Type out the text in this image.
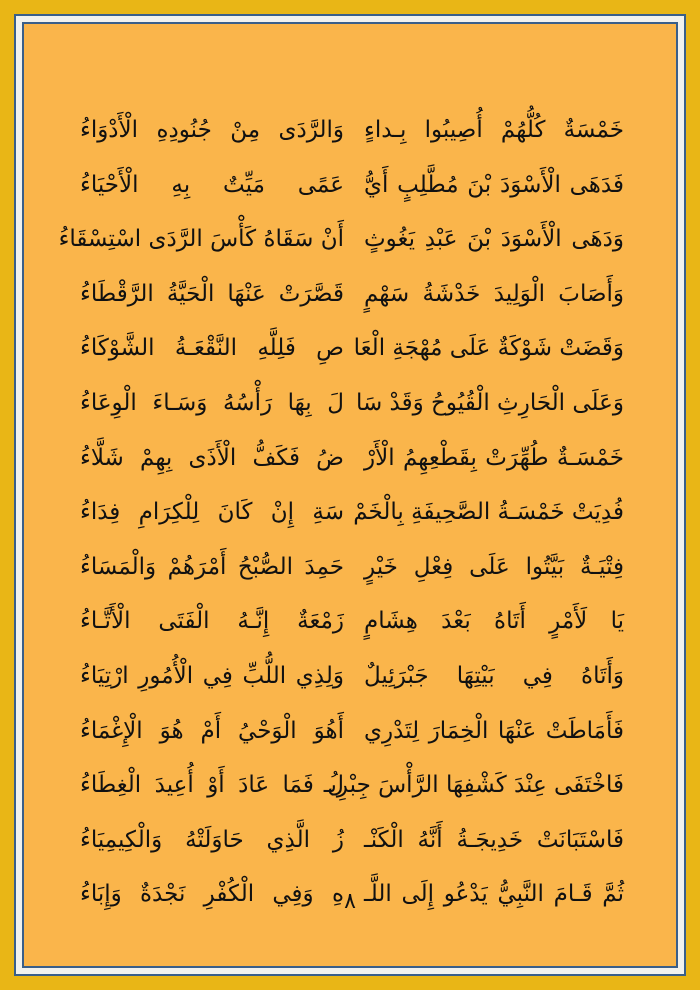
خَمْسَةٌ كُلُّهُمْ أُصِيبُوا بِـداءٍ
وَالرَّدَى مِنْ جُنُودِهِ الْأَدْوَاءُ
فَدَهَى الْأَسْوَدَ بْنَ مُطَّلِبٍ أَيُّ
عَمًى مَيِّتٌ بِهِ الْأَحْيَاءُ
وَدَهَى الْأَسْوَدَ بْنَ عَبْدِ يَغُوثٍ
أَنْ سَقَاهُ كَأْسَ الرَّدَى اسْتِسْقَاءُ
وَأَصَابَ الْوَلِيدَ خَدْشَةُ سَهْمٍ
قَصَّرَتْ عَنْهَا الْحَيَّةُ الرَّقْطَاءُ
وَقَضَتْ شَوْكَةٌ عَلَى مُهْجَةِ الْعَا
صِ فَلِلَّهِ النَّقْعَـةُ الشَّوْكَاءُ
وَعَلَى الْحَارِثِ الْقُيُوحُ وَقَدْ سَا
لَ بِهَا رَأْسُهُ وَسَـاءَ الْوِعَاءُ
خَمْسَـةٌ طُهِّرَتْ بِقَطْعِهِمُ الْأَرْ
ضُ فَكَفُّ الْأَذَى بِهِمْ شَلَّاءُ
فُدِيَتْ خَمْسَـةُ الصَّحِيفَةِ بِالْخَمْ
سَةِ إِنْ كَانَ لِلْكِرَامِ فِدَاءُ
فِتْيَـةٌ بَيَّتُوا عَلَى فِعْلِ خَيْرٍ
حَمِدَ الصُّبْحُ أَمْرَهُمْ وَالْمَسَاءُ
يَا لَأَمْرٍ أَتَاهُ بَعْدَ هِشَامٍ
زَمْعَةٌ إِنَّـهُ الْفَتَى الْأَتَّـاءُ
وَأَتَاهُ فِي بَيْتِهَا جَبْرَئِيلٌ
وَلِذِي اللُّبِّ فِي الْأُمُورِ ارْتِيَاءُ
فَأَمَاطَتْ عَنْهَا الْخِمَارَ لِتَدْرِي
أَهُوَ الْوَحْيُ أَمْ هُوَ الْإِغْمَاءُ
فَاخْتَفَى عِنْدَ كَشْفِهَا الرَّأْسَ جِبْرِيـ
لُ فَمَا عَادَ أَوْ أُعِيدَ الْغِطَاءُ
فَاسْتَبَانَتْ خَدِيجَـةُ أَنَّهُ الْكَنْـ
زُ الَّذِي حَاوَلَتْهُ وَالْكِيمِيَاءُ
ثُمَّ قَـامَ النَّبِيُّ يَدْعُو إِلَى اللَّـ
هِ وَفِي الْكُفْرِ نَجْدَةٌ وَإِبَاءُ ٨
